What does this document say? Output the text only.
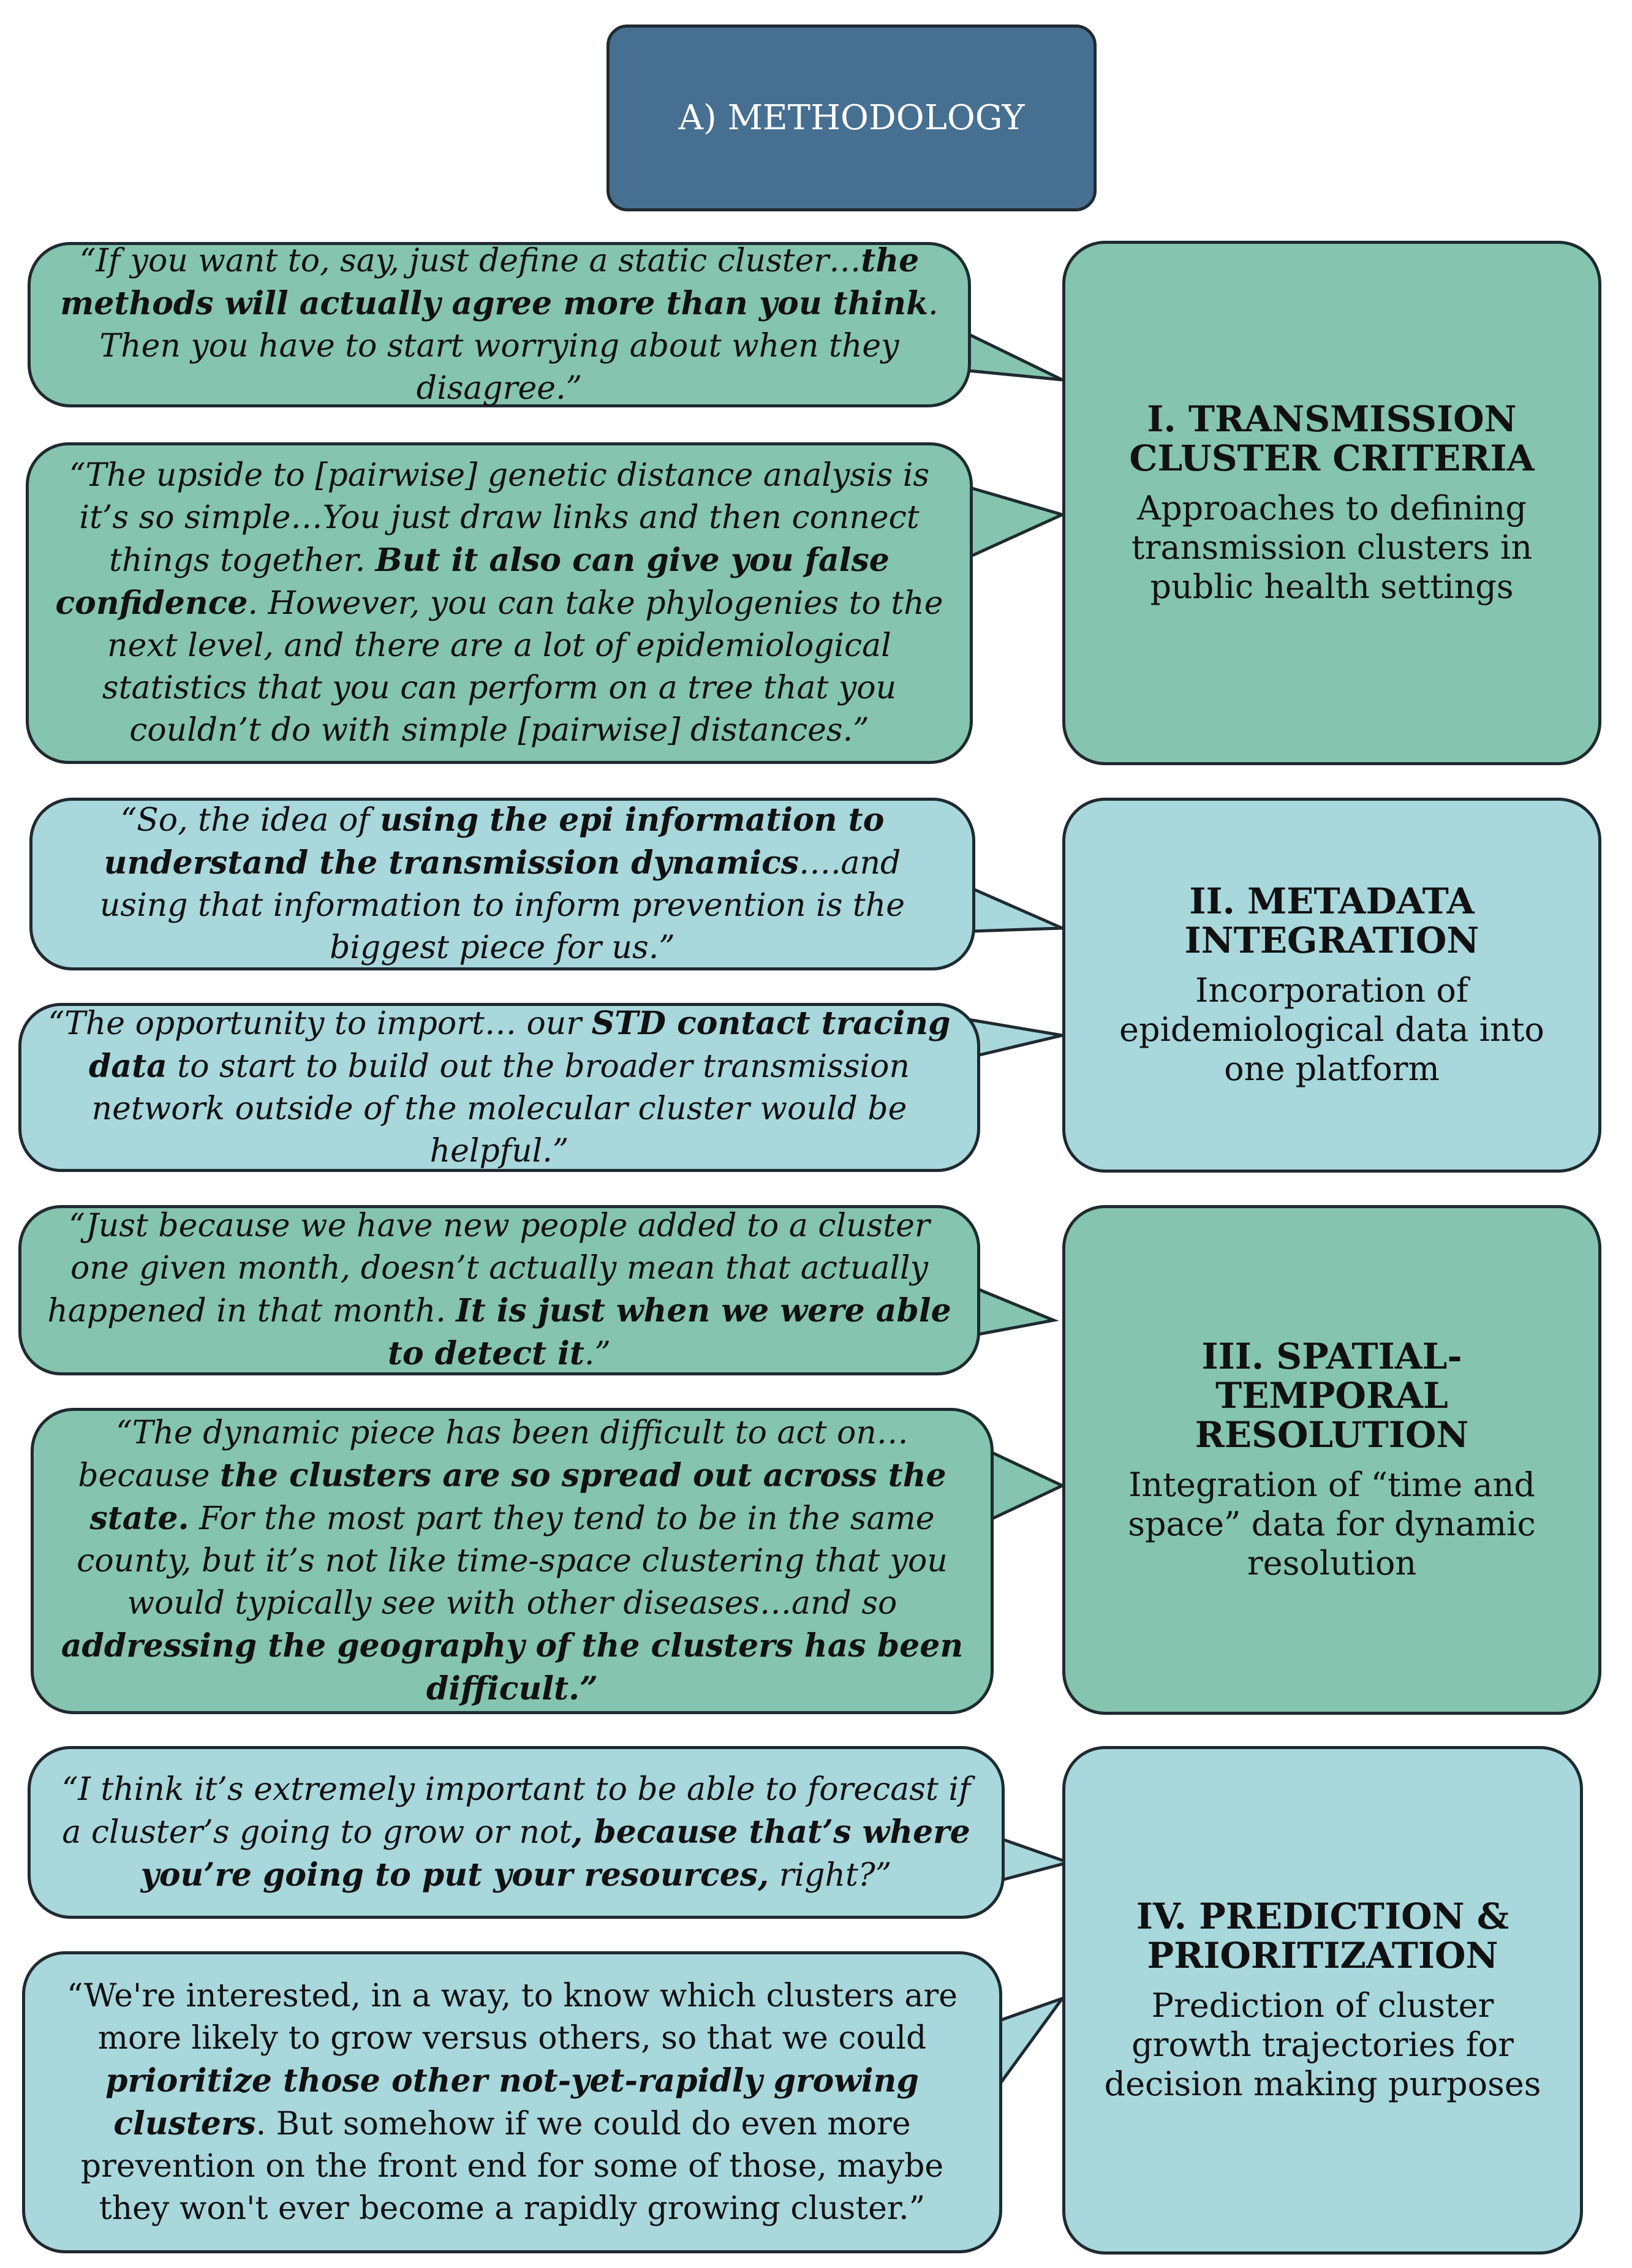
A) METHODOLOGY
“If you want to, say, just define a static cluster…the methods will actually agree more than you think. Then you have to start worrying about when they disagree.”
“The upside to [pairwise] genetic distance analysis is it’s so simple…You just draw links and then connect things together. But it also can give you false confidence. However, you can take phylogenies to the next level, and there are a lot of epidemiological statistics that you can perform on a tree that you couldn’t do with simple [pairwise] distances.”
I. TRANSMISSION CLUSTER CRITERIA
Approaches to defining transmission clusters in public health settings
“So, the idea of using the epi information to understand the transmission dynamics….and using that information to inform prevention is the biggest piece for us.”
“The opportunity to import… our STD contact tracing data to start to build out the broader transmission network outside of the molecular cluster would be helpful.”
II. METADATA INTEGRATION
Incorporation of epidemiological data into one platform
“Just because we have new people added to a cluster one given month, doesn’t actually mean that actually happened in that month. It is just when we were able to detect it.”
“The dynamic piece has been difficult to act on…because the clusters are so spread out across the state. For the most part they tend to be in the same county, but it’s not like time-space clustering that you would typically see with other diseases…and so addressing the geography of the clusters has been difficult.”
III. SPATIAL-TEMPORAL RESOLUTION
Integration of “time and space” data for dynamic resolution
“I think it’s extremely important to be able to forecast if a cluster’s going to grow or not, because that’s where you’re going to put your resources, right?”
“We're interested, in a way, to know which clusters are more likely to grow versus others, so that we could prioritize those other not-yet-rapidly growing clusters. But somehow if we could do even more prevention on the front end for some of those, maybe they won't ever become a rapidly growing cluster.”
IV. PREDICTION & PRIORITIZATION
Prediction of cluster growth trajectories for decision making purposes
